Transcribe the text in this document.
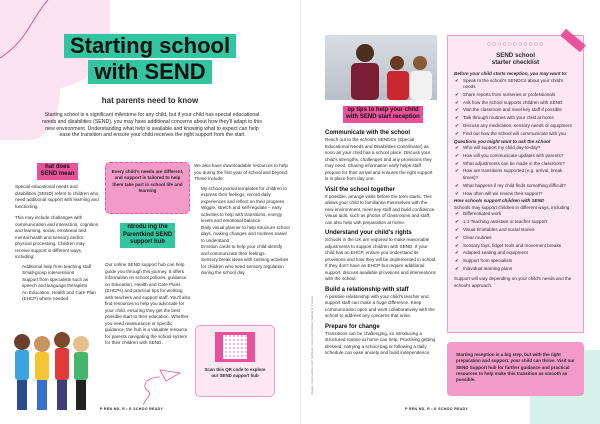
Starting school
with SEND
hat parents need to know
Starting school is a significant milestone for any child, but if your child has special educational needs and disabilities (SEND), you may have additional concerns about how they'll adapt to this new environment. Understanding what help is available and knowing what to expect can help ease the transition and ensure your child receives the right support from the start
hat does
SEND mean

Special educational needs and disabilities (SEND) refers to children who need additional support with learning and functioning.

This may include challenges with communication and interaction, cognition and learning, social, emotional and mental health and sensory and/or physical processing. Children may receive support in different ways, including:

Additional help from teaching staff
Small-group interventions
Support from specialists such as speech and language therapists
An Education, Health and Care Plan (EHCP) where needed
Every child's needs are different, and support is tailored to help them take part in school life and learning
ntrodu ing the
Parentkind SEND
support hub

Our online SEND support hub can help guide you through this journey. It offers information on school policies, guidance on Education, Health and Care Plans (EHCPs) and practical tips for working with teachers and support staff. You'll also find resources to help you advocate for your child, ensuring they get the best possible start to their education. Whether you need reassurance or specific guidance, the hub is a valuable resource for parents navigating the school system for their children with SEND.

We also have downloadable resources to help you during the first year of school and beyond. These include:

My school journal templates for children to express their feelings, record daily experiences and reflect on their progress
Wiggle, stretch and self-regulate – easy activities to help with transitions, energy levels and emotional balance
Daily visual planner to help structure school days, making changes and routines easier to understand
Emotion cards to help your child identify and communicate their feelings.
Sensory break ideas with calming activities for children who need sensory regulation during the school day

Scan this QR code to explore our SEND support hub

P REN ND, R • E SCHOO READY
op tips to help your child
with SEND start reception
Communicate with the school

Reach out to the school's SENDCo (Special Educational Needs and Disabilities Coordinator) as soon as your child has a school place. Discuss your child's strengths, challenges and any provisions they may need. Sharing information early helps staff prepare for their arrival and ensures the right support is in place from day one.

Visit the school together

If possible, arrange visits before the term starts. This allows your child to familiarise themselves with the new environment, meet key staff and build confidence. Visual aids, such as photos of classrooms and staff, can also help with preparation at home.

Understand your child's rights

Schools in the UK are required to make reasonable adjustments to support children with SEND. If your child has an EHCP, ensure you understand its provisions and how they will be implemented in school. If they don't have an EHCP but require additional support, discuss available provisions and interventions with the school.

Build a relationship with staff

A positive relationship with your child's teacher and support staff can make a huge difference. Keep communication open and work collaboratively with the school to address any concerns that arise.

Prepare for change

Transitions can be challenging, so introducing a structured routine at home can help. Practising getting dressed, carrying a school bag or following a daily schedule can ease anxiety and build independence.

Images: stock.adobe.com/ SolStock; stock.com/ fizkes/ makistock; Freepik
○○○○○○○○○○○
SEND school
starter checklist

Before your child starts reception, you may want to:

✔ Speak to the school's SENDCo about your child's needs
✔ Share reports from nurseries or professionals
✔ Ask how the school supports children with SEND
✔ Visit the classroom and meet key staff if possible
✔ Talk through routines with your child at home
✔ Discuss any medication, sensory needs or equipment
✔ Find out how the school will communicate with you

Questions you might want to ask the school

✔ Who will support my child day-to-day?
✔ How will you communicate updates with parents?
✔ What adjustments can be made in the classroom?
✔ How are transitions supported (e.g. arrival, break times)?
✔ What happens if my child finds something difficult?
✔ How often will we review their support?

How schools support children with SEND

Schools may support children in different ways, including:

✔ Differentiated work
✔ 1:1 Teaching assistant or teacher support
✔ Visual timetables and social stories
✔ Clear routines
✔ Sensory toys, fidget tools and movement breaks
✔ Adapted seating and equipment
✔ Support from specialists
✔ Individual learning plans

Support will vary depending on your child's needs and the school's approach.

Starting reception is a big step, but with the right preparation and support, your child can thrive. Visit our SEND Support hub for further guidance and practical resources to help make this transition as smooth as possible.
P REN ND, R • E SCHOO READY
